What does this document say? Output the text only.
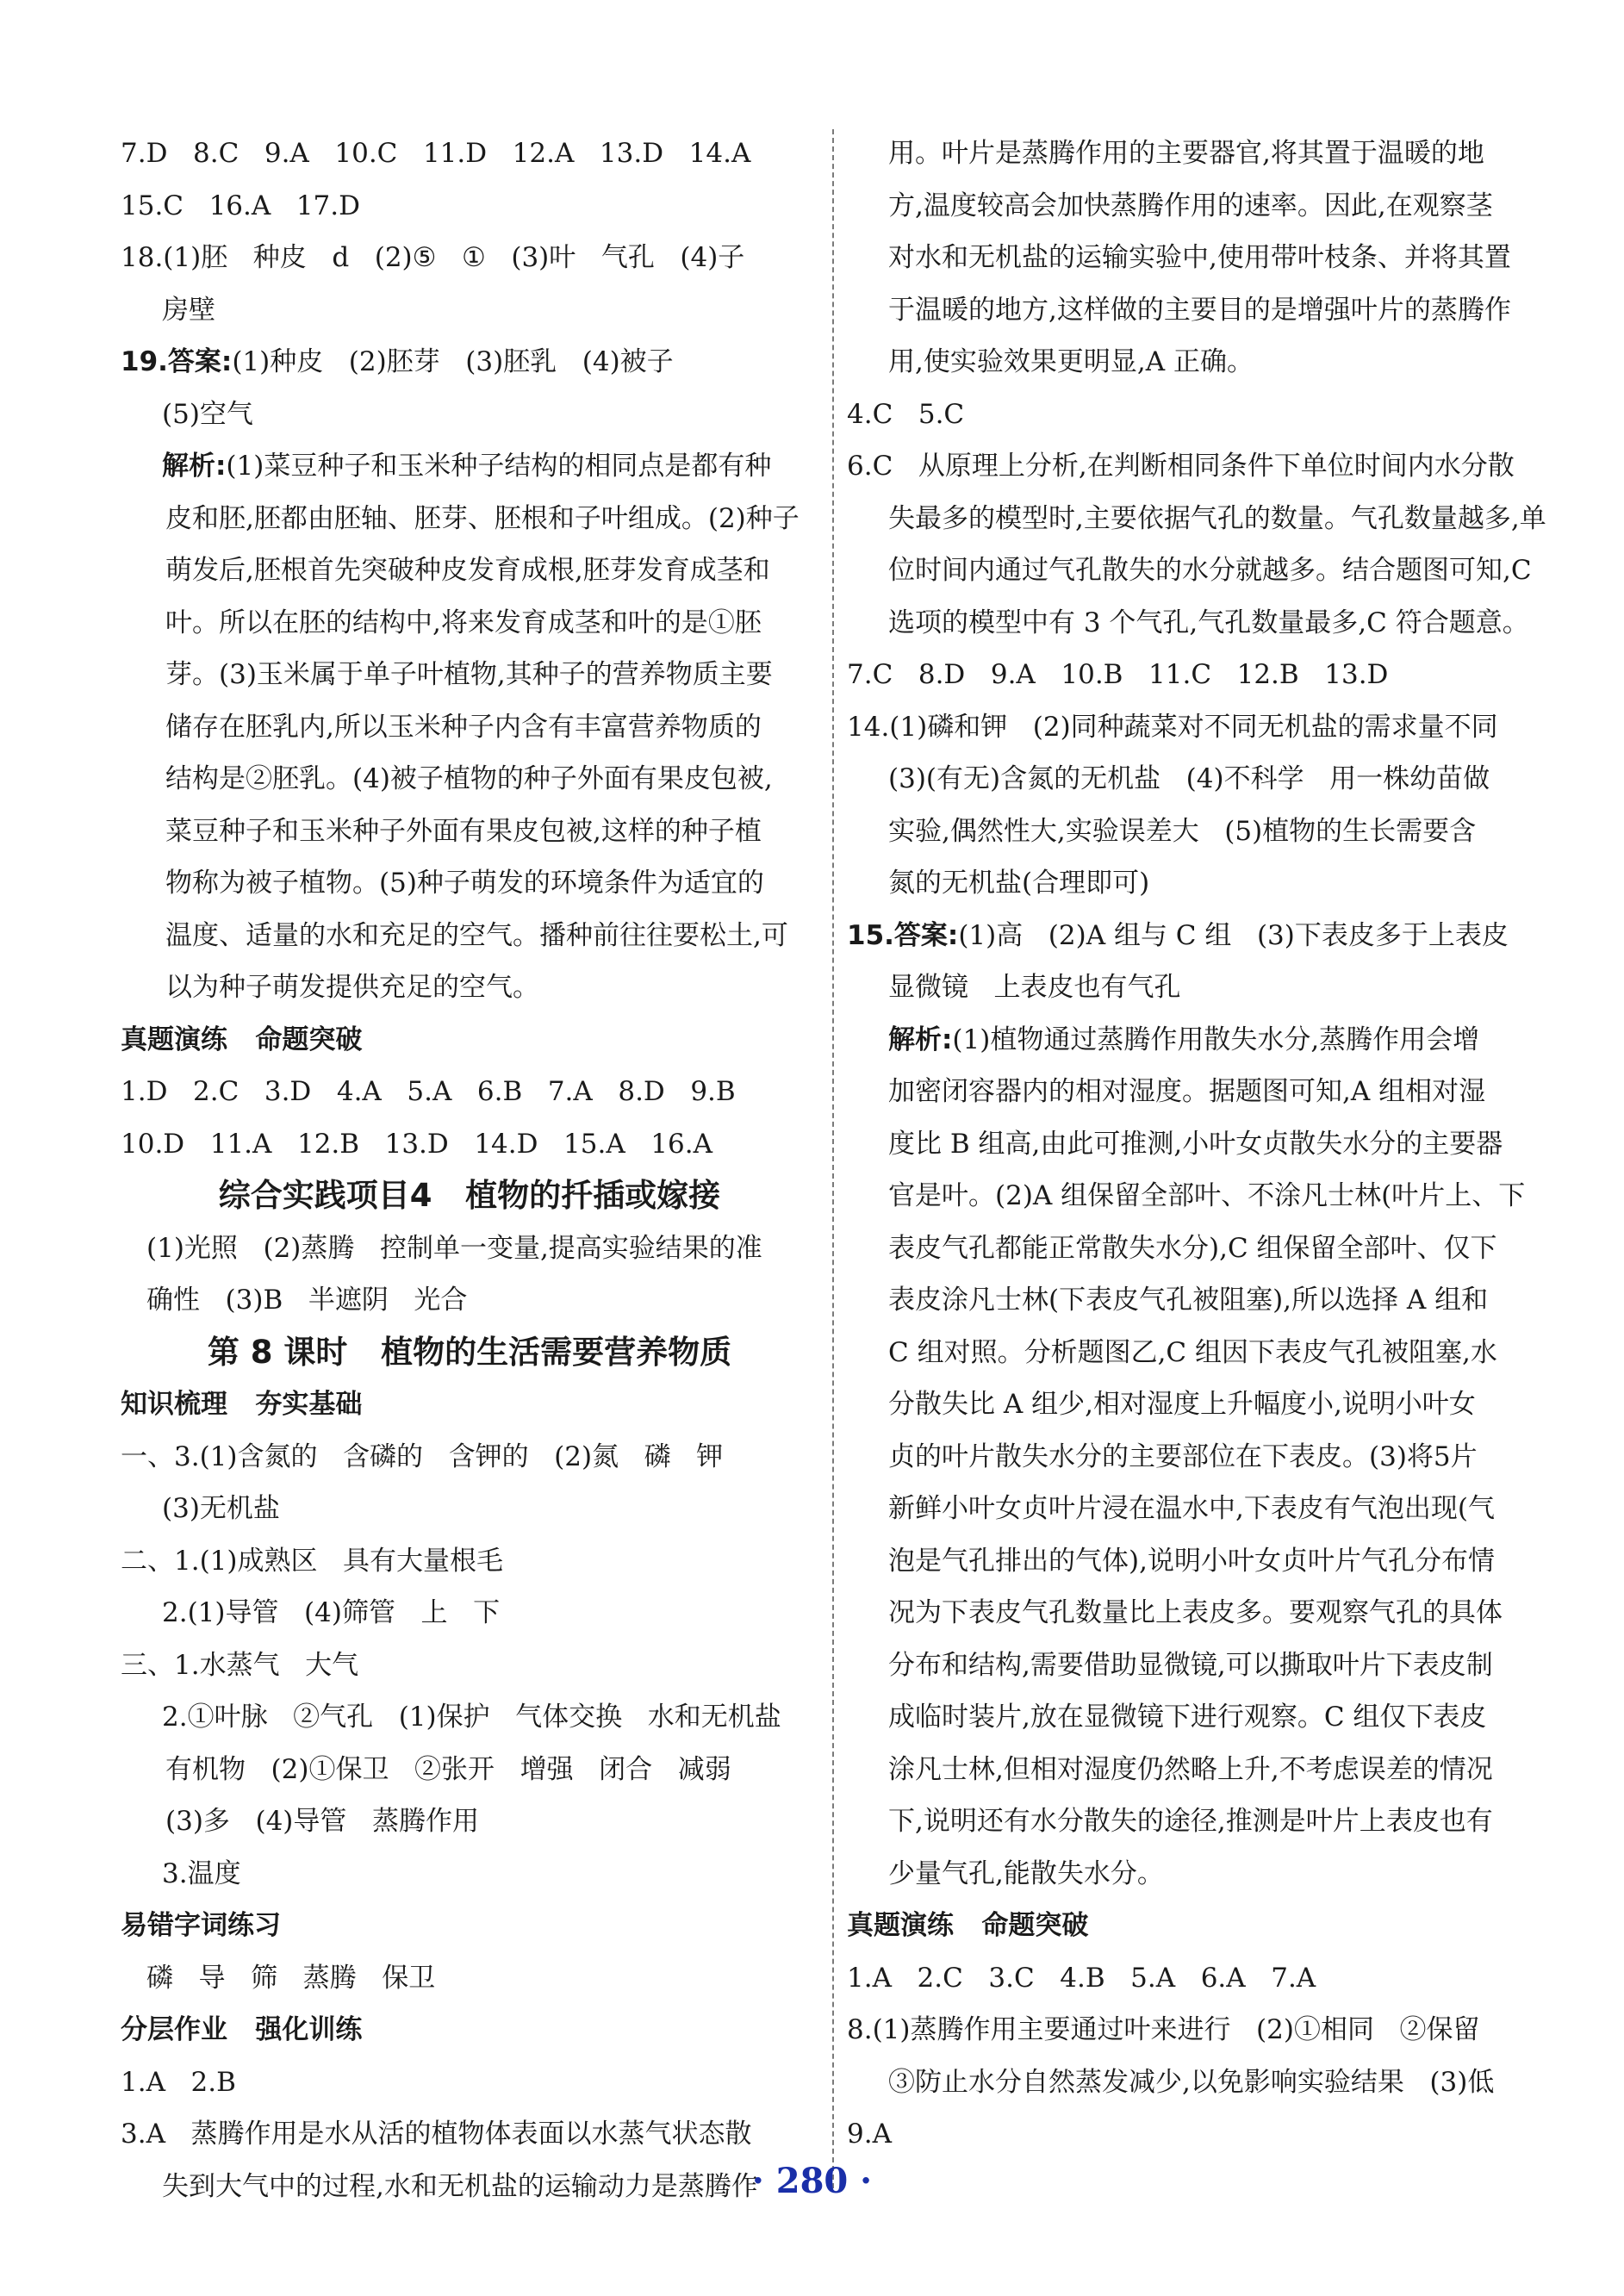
7.D   8.C   9.A   10.C   11.D   12.A   13.D   14.A
15.C   16.A   17.D
18.(1)胚   种皮   d   (2)⑤   ①   (3)叶   气孔   (4)子
房壁
19.答案:(1)种皮   (2)胚芽   (3)胚乳   (4)被子
(5)空气
解析:(1)菜豆种子和玉米种子结构的相同点是都有种
皮和胚,胚都由胚轴、胚芽、胚根和子叶组成。(2)种子
萌发后,胚根首先突破种皮发育成根,胚芽发育成茎和
叶。所以在胚的结构中,将来发育成茎和叶的是①胚
芽。(3)玉米属于单子叶植物,其种子的营养物质主要
储存在胚乳内,所以玉米种子内含有丰富营养物质的
结构是②胚乳。(4)被子植物的种子外面有果皮包被,
菜豆种子和玉米种子外面有果皮包被,这样的种子植
物称为被子植物。(5)种子萌发的环境条件为适宜的
温度、适量的水和充足的空气。播种前往往要松土,可
以为种子萌发提供充足的空气。
真题演练   命题突破
1.D   2.C   3.D   4.A   5.A   6.B   7.A   8.D   9.B
10.D   11.A   12.B   13.D   14.D   15.A   16.A
综合实践项目4   植物的扦插或嫁接
(1)光照   (2)蒸腾   控制单一变量,提高实验结果的准
确性   (3)B   半遮阴   光合
第 8 课时   植物的生活需要营养物质
知识梳理   夯实基础
一、3.(1)含氮的   含磷的   含钾的   (2)氮   磷   钾
(3)无机盐
二、1.(1)成熟区   具有大量根毛
2.(1)导管   (4)筛管   上   下
三、1.水蒸气   大气
2.①叶脉   ②气孔   (1)保护   气体交换   水和无机盐
有机物   (2)①保卫   ②张开   增强   闭合   减弱
(3)多   (4)导管   蒸腾作用
3.温度
易错字词练习
磷   导   筛   蒸腾   保卫
分层作业   强化训练
1.A   2.B
3.A   蒸腾作用是水从活的植物体表面以水蒸气状态散
失到大气中的过程,水和无机盐的运输动力是蒸腾作
用。叶片是蒸腾作用的主要器官,将其置于温暖的地
方,温度较高会加快蒸腾作用的速率。因此,在观察茎
对水和无机盐的运输实验中,使用带叶枝条、并将其置
于温暖的地方,这样做的主要目的是增强叶片的蒸腾作
用,使实验效果更明显,A 正确。
4.C   5.C
6.C   从原理上分析,在判断相同条件下单位时间内水分散
失最多的模型时,主要依据气孔的数量。气孔数量越多,单
位时间内通过气孔散失的水分就越多。结合题图可知,C
选项的模型中有 3 个气孔,气孔数量最多,C 符合题意。
7.C   8.D   9.A   10.B   11.C   12.B   13.D
14.(1)磷和钾   (2)同种蔬菜对不同无机盐的需求量不同
(3)(有无)含氮的无机盐   (4)不科学   用一株幼苗做
实验,偶然性大,实验误差大   (5)植物的生长需要含
氮的无机盐(合理即可)
15.答案:(1)高   (2)A 组与 C 组   (3)下表皮多于上表皮
显微镜   上表皮也有气孔
解析:(1)植物通过蒸腾作用散失水分,蒸腾作用会增
加密闭容器内的相对湿度。据题图可知,A 组相对湿
度比 B 组高,由此可推测,小叶女贞散失水分的主要器
官是叶。(2)A 组保留全部叶、不涂凡士林(叶片上、下
表皮气孔都能正常散失水分),C 组保留全部叶、仅下
表皮涂凡士林(下表皮气孔被阻塞),所以选择 A 组和
C 组对照。分析题图乙,C 组因下表皮气孔被阻塞,水
分散失比 A 组少,相对湿度上升幅度小,说明小叶女
贞的叶片散失水分的主要部位在下表皮。(3)将5片
新鲜小叶女贞叶片浸在温水中,下表皮有气泡出现(气
泡是气孔排出的气体),说明小叶女贞叶片气孔分布情
况为下表皮气孔数量比上表皮多。要观察气孔的具体
分布和结构,需要借助显微镜,可以撕取叶片下表皮制
成临时装片,放在显微镜下进行观察。C 组仅下表皮
涂凡士林,但相对湿度仍然略上升,不考虑误差的情况
下,说明还有水分散失的途径,推测是叶片上表皮也有
少量气孔,能散失水分。
真题演练   命题突破
1.A   2.C   3.C   4.B   5.A   6.A   7.A
8.(1)蒸腾作用主要通过叶来进行   (2)①相同   ②保留
③防止水分自然蒸发减少,以免影响实验结果   (3)低
9.A
· 280 ·
